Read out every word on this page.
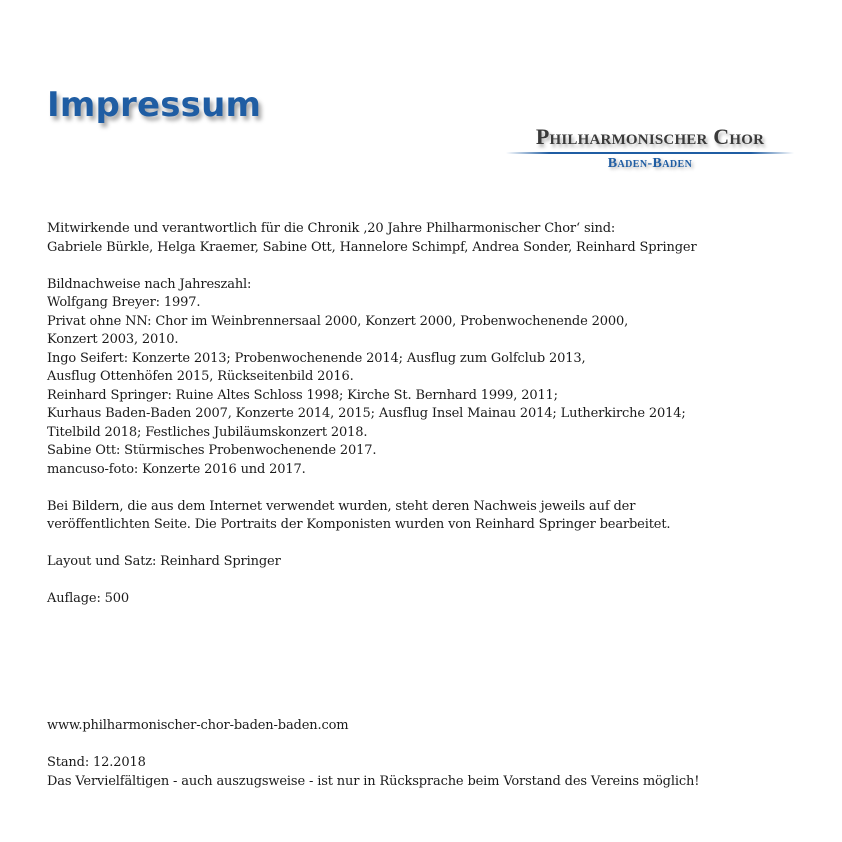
Impressum
Philharmonischer Chor
Baden-Baden
Mitwirkende und verantwortlich für die Chronik ‚20 Jahre Philharmonischer Chor‘ sind:
Gabriele Bürkle, Helga Kraemer, Sabine Ott, Hannelore Schimpf, Andrea Sonder, Reinhard Springer
Bildnachweise nach Jahreszahl:
Wolfgang Breyer: 1997.
Privat ohne NN: Chor im Weinbrennersaal 2000, Konzert 2000, Probenwochenende 2000,
Konzert 2003, 2010.
Ingo Seifert: Konzerte 2013; Probenwochenende 2014; Ausflug zum Golfclub 2013,
Ausflug Ottenhöfen 2015, Rückseitenbild 2016.
Reinhard Springer: Ruine Altes Schloss 1998; Kirche St. Bernhard 1999, 2011;
Kurhaus Baden-Baden 2007, Konzerte 2014, 2015; Ausflug Insel Mainau 2014; Lutherkirche 2014;
Titelbild 2018; Festliches Jubiläumskonzert 2018.
Sabine Ott: Stürmisches Probenwochenende 2017.
mancuso-foto: Konzerte 2016 und 2017.
Bei Bildern, die aus dem Internet verwendet wurden, steht deren Nachweis jeweils auf der
veröffentlichten Seite. Die Portraits der Komponisten wurden von Reinhard Springer bearbeitet.
Layout und Satz: Reinhard Springer
Auflage: 500
www.philharmonischer-chor-baden-baden.com
Stand: 12.2018
Das Vervielfältigen - auch auszugsweise - ist nur in Rücksprache beim Vorstand des Vereins möglich!
